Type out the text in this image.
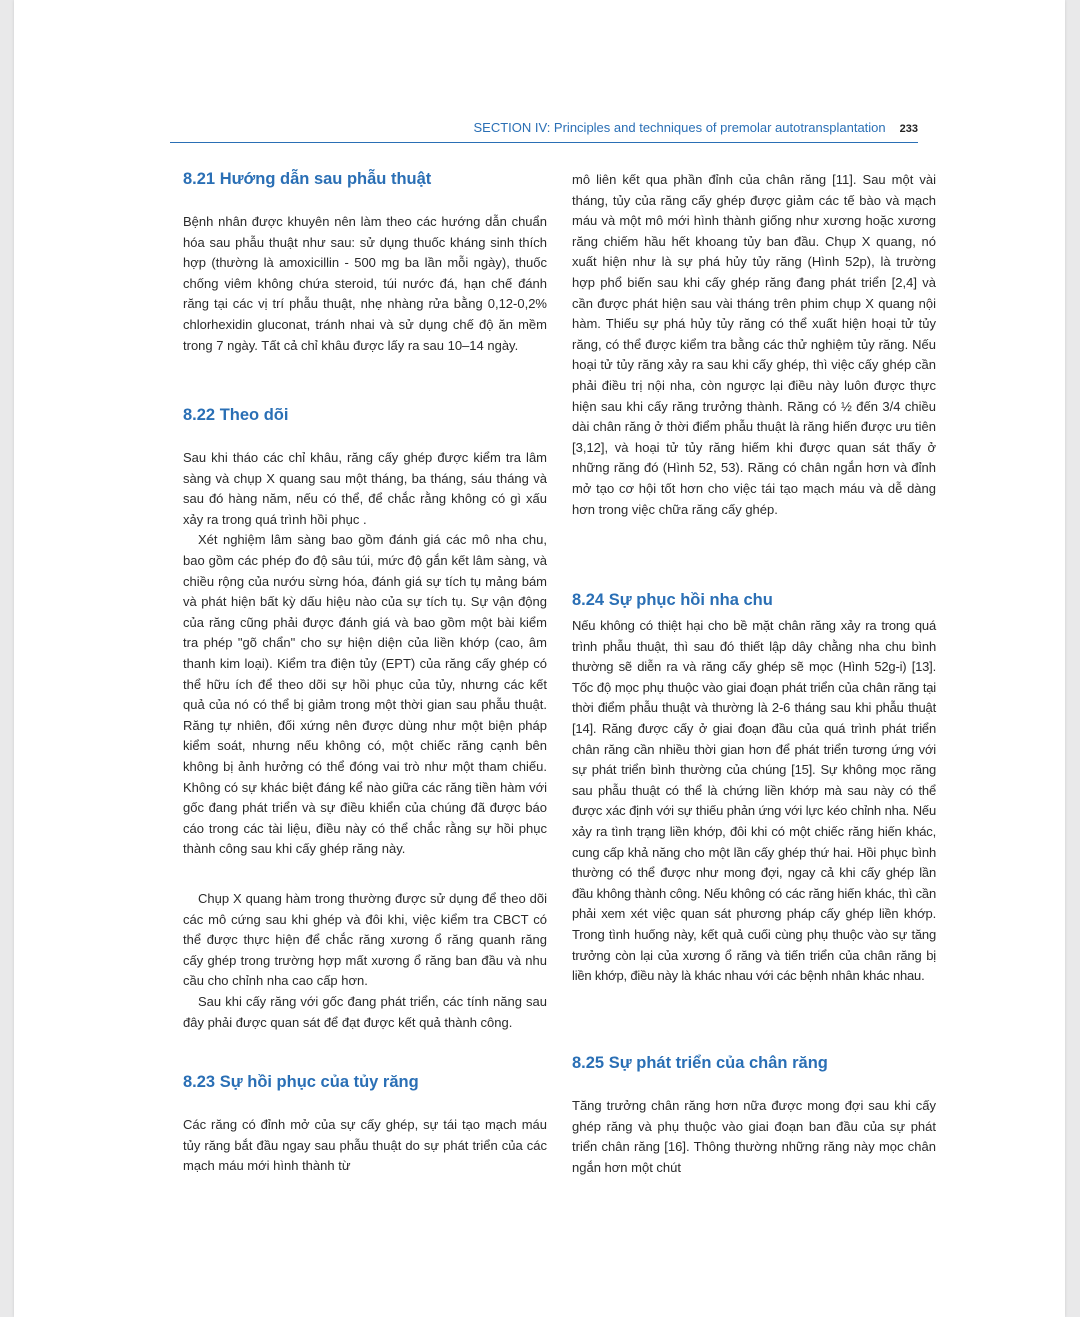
SECTION IV: Principles and techniques of premolar autotransplantation 233
8.21 Hướng dẫn sau phẫu thuật

Bệnh nhân được khuyên nên làm theo các hướng dẫn chuẩn hóa sau phẫu thuật như sau: sử dụng thuốc kháng sinh thích hợp (thường là amoxicillin - 500 mg ba lần mỗi ngày), thuốc chống viêm không chứa steroid, túi nước đá, hạn chế đánh răng tại các vị trí phẫu thuật, nhẹ nhàng rửa bằng 0,12-0,2% chlorhexidin gluconat, tránh nhai và sử dụng chế độ ăn mềm trong 7 ngày. Tất cả chỉ khâu được lấy ra sau 10–14 ngày.

8.22 Theo dõi

Sau khi tháo các chỉ khâu, răng cấy ghép được kiểm tra lâm sàng và chụp X quang sau một tháng, ba tháng, sáu tháng và sau đó hàng năm, nếu có thể, để chắc rằng không có gì xấu xảy ra trong quá trình hồi phục .

Xét nghiệm lâm sàng bao gồm đánh giá các mô nha chu, bao gồm các phép đo độ sâu túi, mức độ gắn kết lâm sàng, và chiều rộng của nướu sừng hóa, đánh giá sự tích tụ mảng bám và phát hiện bất kỳ dấu hiệu nào của sự tích tụ. Sự vận động của răng cũng phải được đánh giá và bao gồm một bài kiểm tra phép "gõ chẩn" cho sự hiện diện của liền khớp (cao, âm thanh kim loại). Kiểm tra điện tủy (EPT) của răng cấy ghép có thể hữu ích để theo dõi sự hồi phục của tủy, nhưng các kết quả của nó có thể bị giảm trong một thời gian sau phẫu thuật. Răng tự nhiên, đối xứng nên được dùng như một biện pháp kiểm soát, nhưng nếu không có, một chiếc răng cạnh bên không bị ảnh hưởng có thể đóng vai trò như một tham chiếu. Không có sự khác biệt đáng kể nào giữa các răng tiền hàm với gốc đang phát triển và sự điều khiển của chúng đã được báo cáo trong các tài liệu, điều này có thể chắc rằng sự hồi phục thành công sau khi cấy ghép răng này.

Chụp X quang hàm trong thường được sử dụng để theo dõi các mô cứng sau khi ghép và đôi khi, việc kiểm tra CBCT có thể được thực hiện để chắc răng xương ổ răng quanh răng cấy ghép trong trường hợp mất xương ổ răng ban đầu và nhu cầu cho chỉnh nha cao cấp hơn.

Sau khi cấy răng với gốc đang phát triển, các tính năng sau đây phải được quan sát để đạt được kết quả thành công.

8.23 Sự hồi phục của tủy răng

Các răng có đỉnh mở của sự cấy ghép, sự tái tạo mạch máu tủy răng bắt đầu ngay sau phẫu thuật do sự phát triển của các mạch máu mới hình thành từ

mô liên kết qua phần đỉnh của chân răng [11]. Sau một vài tháng, tủy của răng cấy ghép được giảm các tế bào và mạch máu và một mô mới hình thành giống như xương hoặc xương răng chiếm hầu hết khoang tủy ban đầu. Chụp X quang, nó xuất hiện như là sự phá hủy tủy răng (Hình 52p), là trường hợp phổ biến sau khi cấy ghép răng đang phát triển [2,4] và cần được phát hiện sau vài tháng trên phim chụp X quang nội hàm. Thiếu sự phá hủy tủy răng có thể xuất hiện hoại tử tủy răng, có thể được kiểm tra bằng các thử nghiệm tủy răng. Nếu hoại tử tủy răng xảy ra sau khi cấy ghép, thì việc cấy ghép cần phải điều trị nội nha, còn ngược lại điều này luôn được thực hiện sau khi cấy răng trưởng thành. Răng có ½ đến 3/4 chiều dài chân răng ở thời điểm phẫu thuật là răng hiến được ưu tiên [3,12], và hoại tử tủy răng hiếm khi được quan sát thấy ở những răng đó (Hình 52, 53). Răng có chân ngắn hơn và đỉnh mở tạo cơ hội tốt hơn cho việc tái tạo mạch máu và dễ dàng hơn trong việc chữa răng cấy ghép.

8.24 Sự phục hồi nha chu

Nếu không có thiệt hại cho bề mặt chân răng xảy ra trong quá trình phẫu thuật, thì sau đó thiết lập dây chằng nha chu bình thường sẽ diễn ra và răng cấy ghép sẽ mọc (Hình 52g-i) [13]. Tốc độ mọc phụ thuộc vào giai đoạn phát triển của chân răng tại thời điểm phẫu thuật và thường là 2-6 tháng sau khi phẫu thuật [14]. Răng được cấy ở giai đoạn đầu của quá trình phát triển chân răng cần nhiều thời gian hơn để phát triển tương ứng với sự phát triển bình thường của chúng [15]. Sự không mọc răng sau phẫu thuật có thể là chứng liền khớp mà sau này có thể được xác định với sự thiếu phản ứng với lực kéo chỉnh nha. Nếu xảy ra tình trạng liền khớp, đôi khi có một chiếc răng hiến khác, cung cấp khả năng cho một lần cấy ghép thứ hai. Hồi phục bình thường có thể được như mong đợi, ngay cả khi cấy ghép lần đầu không thành công. Nếu không có các răng hiến khác, thì cần phải xem xét việc quan sát phương pháp cấy ghép liền khớp. Trong tình huống này, kết quả cuối cùng phụ thuộc vào sự tăng trưởng còn lại của xương ổ răng và tiến triển của chân răng bị liền khớp, điều này là khác nhau với các bệnh nhân khác nhau.

8.25 Sự phát triển của chân răng

Tăng trưởng chân răng hơn nữa được mong đợi sau khi cấy ghép răng và phụ thuộc vào giai đoạn ban đầu của sự phát triển chân răng [16]. Thông thường những răng này mọc chân ngắn hơn một chút
